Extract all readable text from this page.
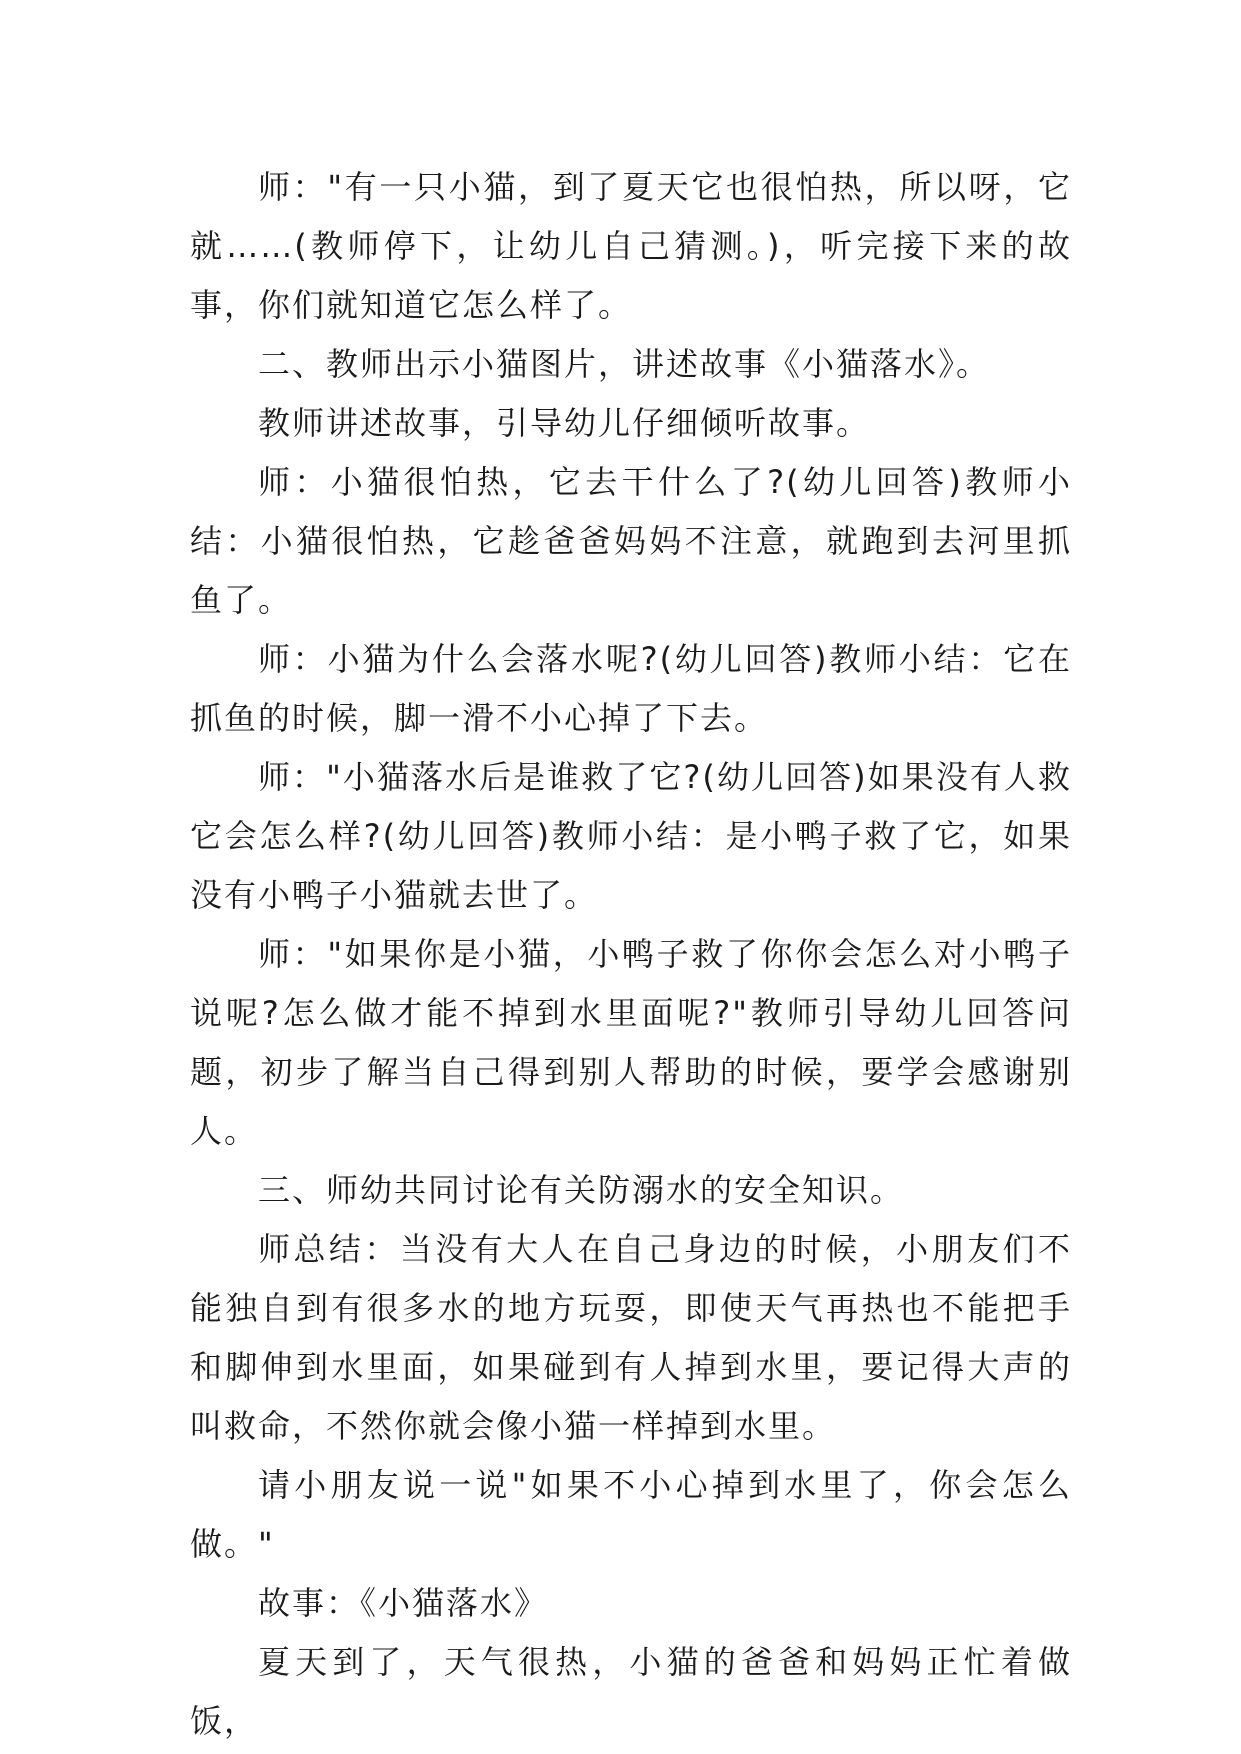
师："有一只小猫，到了夏天它也很怕热，所以呀，它就……(教师停下，让幼儿自己猜测。)，听完接下来的故事，你们就知道它怎么样了。

二、教师出示小猫图片，讲述故事《小猫落水》。

教师讲述故事，引导幼儿仔细倾听故事。

师：小猫很怕热，它去干什么了?(幼儿回答)教师小结：小猫很怕热，它趁爸爸妈妈不注意，就跑到去河里抓鱼了。

师：小猫为什么会落水呢?(幼儿回答)教师小结：它在抓鱼的时候，脚一滑不小心掉了下去。

师："小猫落水后是谁救了它?(幼儿回答)如果没有人救它会怎么样?(幼儿回答)教师小结：是小鸭子救了它，如果没有小鸭子小猫就去世了。

师："如果你是小猫，小鸭子救了你你会怎么对小鸭子说呢?怎么做才能不掉到水里面呢?"教师引导幼儿回答问题，初步了解当自己得到别人帮助的时候，要学会感谢别人。

三、师幼共同讨论有关防溺水的安全知识。

师总结：当没有大人在自己身边的时候，小朋友们不能独自到有很多水的地方玩耍，即使天气再热也不能把手和脚伸到水里面，如果碰到有人掉到水里，要记得大声的叫救命，不然你就会像小猫一样掉到水里。

请小朋友说一说"如果不小心掉到水里了，你会怎么做。"

故事：《小猫落水》

夏天到了，天气很热，小猫的爸爸和妈妈正忙着做饭，
